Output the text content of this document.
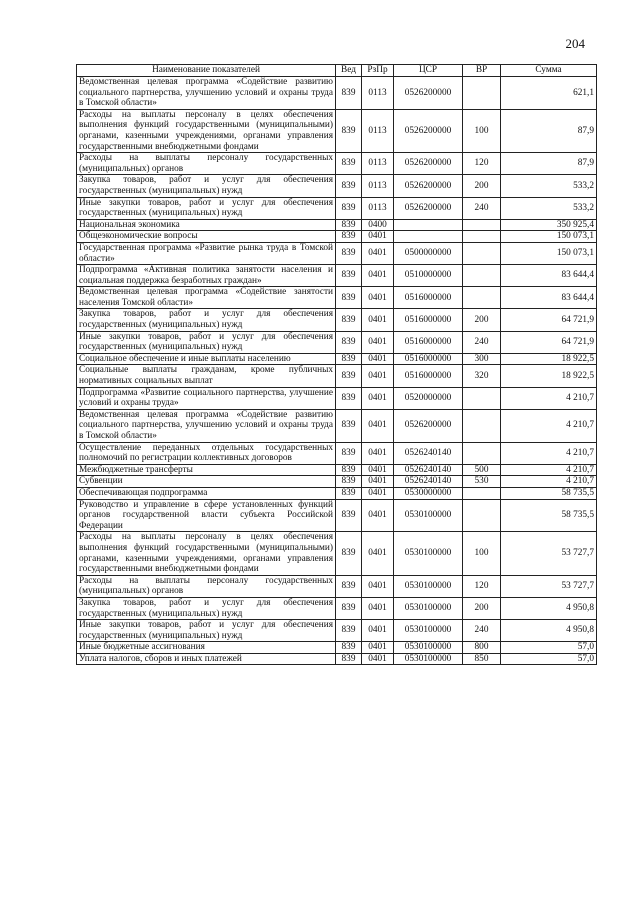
204
Наименование показателей	Вед	РзПр	ЦСР	ВР	Сумма
Ведомственная целевая программа «Содействие развитию социального партнерства, улучшению условий и охраны труда в Томской области»	839	0113	0526200000		621,1
Расходы на выплаты персоналу в целях обеспечения выполнения функций государственными (муниципальными) органами, казенными учреждениями, органами управления государственными внебюджетными фондами	839	0113	0526200000	100	87,9
Расходы на выплаты персоналу государственных (муниципальных) органов	839	0113	0526200000	120	87,9
Закупка товаров, работ и услуг для обеспечения государственных (муниципальных) нужд	839	0113	0526200000	200	533,2
Иные закупки товаров, работ и услуг для обеспечения государственных (муниципальных) нужд	839	0113	0526200000	240	533,2
Национальная экономика	839	0400			350 925,4
Общеэкономические вопросы	839	0401			150 073,1
Государственная программа «Развитие рынка труда в Томской области»	839	0401	0500000000		150 073,1
Подпрограмма «Активная политика занятости населения и социальная поддержка безработных граждан»	839	0401	0510000000		83 644,4
Ведомственная целевая программа «Содействие занятости населения Томской области»	839	0401	0516000000		83 644,4
Закупка товаров, работ и услуг для обеспечения государственных (муниципальных) нужд	839	0401	0516000000	200	64 721,9
Иные закупки товаров, работ и услуг для обеспечения государственных (муниципальных) нужд	839	0401	0516000000	240	64 721,9
Социальное обеспечение и иные выплаты населению	839	0401	0516000000	300	18 922,5
Социальные выплаты гражданам, кроме публичных нормативных социальных выплат	839	0401	0516000000	320	18 922,5
Подпрограмма «Развитие социального партнерства, улучшение условий и охраны труда»	839	0401	0520000000		4 210,7
Ведомственная целевая программа «Содействие развитию социального партнерства, улучшению условий и охраны труда в Томской области»	839	0401	0526200000		4 210,7
Осуществление переданных отдельных государственных полномочий по регистрации коллективных договоров	839	0401	0526240140		4 210,7
Межбюджетные трансферты	839	0401	0526240140	500	4 210,7
Субвенции	839	0401	0526240140	530	4 210,7
Обеспечивающая подпрограмма	839	0401	0530000000		58 735,5
Руководство и управление в сфере установленных функций органов государственной власти субъекта Российской Федерации	839	0401	0530100000		58 735,5
Расходы на выплаты персоналу в целях обеспечения выполнения функций государственными (муниципальными) органами, казенными учреждениями, органами управления государственными внебюджетными фондами	839	0401	0530100000	100	53 727,7
Расходы на выплаты персоналу государственных (муниципальных) органов	839	0401	0530100000	120	53 727,7
Закупка товаров, работ и услуг для обеспечения государственных (муниципальных) нужд	839	0401	0530100000	200	4 950,8
Иные закупки товаров, работ и услуг для обеспечения государственных (муниципальных) нужд	839	0401	0530100000	240	4 950,8
Иные бюджетные ассигнования	839	0401	0530100000	800	57,0
Уплата налогов, сборов и иных платежей	839	0401	0530100000	850	57,0
